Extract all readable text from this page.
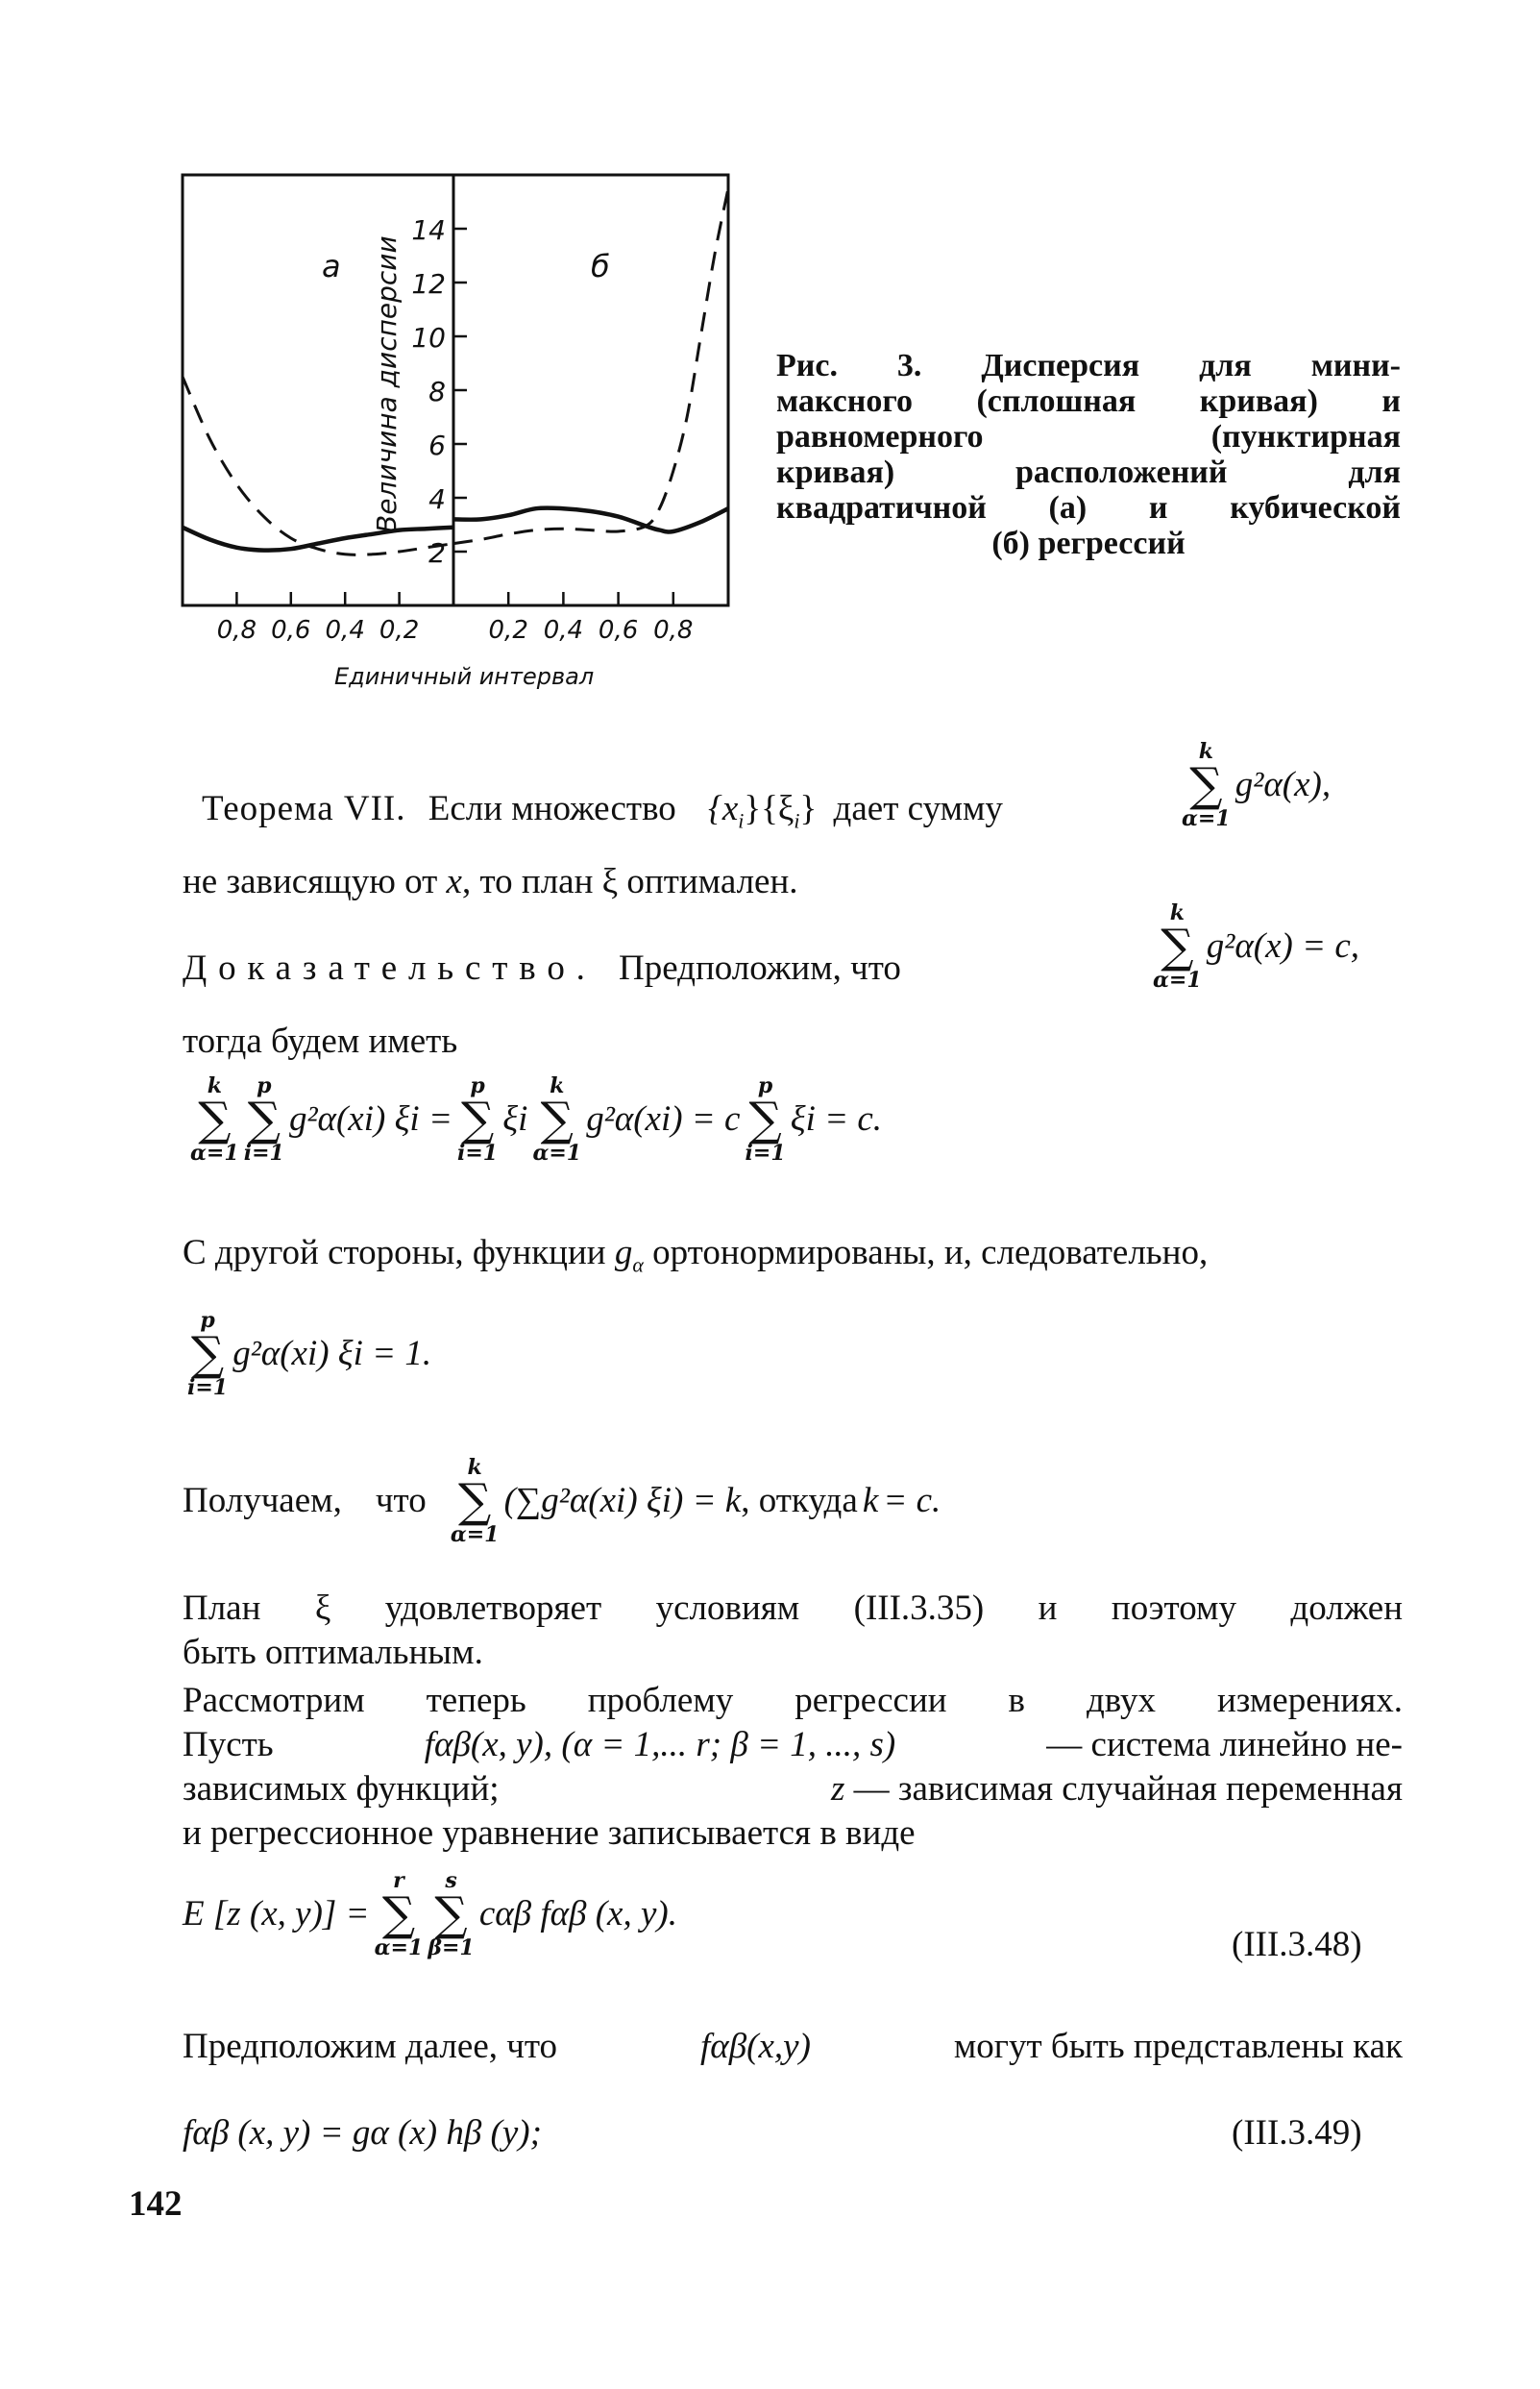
2
4
6
8
10
12
14
0,8 0,6 0,4 0,2	0,2 0,4 0,6 0,8
а	б
Величина дисперсии
Единичный интервал
Рис. 3. Дисперсия для мини-
максного (сплошная кривая) и
равномерного (пунктирная
кривая) расположений для
квадратичной (а) и кубической
(б) регрессий
Теорема VII. Если множество $\{x_i\}\{\xi_i\}$ дает сумму
k
∑
α=1
g²α(x),
не зависящую от x, то план ξ оптимален.
Доказательство. Предположим, что
k
∑
α=1
g²α(x) = c,
тогда будем иметь
k
∑
α=1

p
∑
i=1
g²α(xi) ξi =
p
∑
i=1
ξi
k
∑
α=1
g²α(xi) = c
p
∑
i=1
ξi = c.
С другой стороны, функции $g_\alpha$ ортонормированы, и, следовательно,
p
∑
i=1
g²α(xi) ξi = 1.
Получаем, что
k
∑
α=1
(∑g²α(xi) ξi) = k, откуда k = c.
План ξ удовлетворяет условиям (III.3.35) и поэтому должен
быть оптимальным.
Рассмотрим теперь проблему регрессии в двух измерениях.
Пусть	fαβ(x, y), (α = 1,... r; β = 1, ..., s)	— система линейно не-
зависимых функций;	z — зависимая случайная переменная
и регрессионное уравнение записывается в виде
E [z (x, y)] =
r
∑
α=1

s
∑
β=1
cαβ fαβ (x, y).
(III.3.48)
Предположим далее, что	fαβ(x,y)	могут быть представлены как
fαβ (x, y) = gα (x) hβ (y);	(III.3.49)
142
